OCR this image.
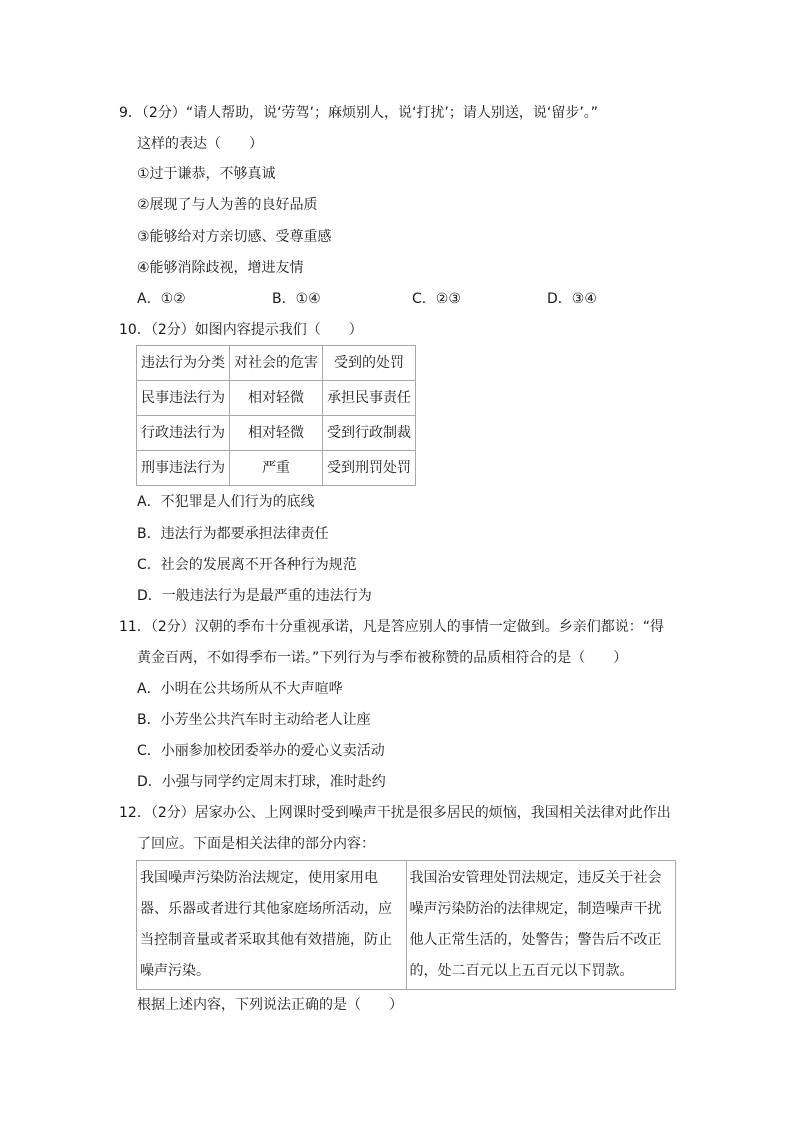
9．（2分）“请人帮助，说‘劳驾’；麻烦别人，说‘打扰’；请人别送，说‘留步’。”
这样的表达（　　）
①过于谦恭，不够真诚
②展现了与人为善的良好品质
③能够给对方亲切感、受尊重感
④能够消除歧视，增进友情
A．①②	B．①④	C．②③	D．③④
10．（2分）如图内容提示我们（　　）
违法行为分类	对社会的危害	受到的处罚
民事违法行为	相对轻微	承担民事责任
行政违法行为	相对轻微	受到行政制裁
刑事违法行为	严重	受到刑罚处罚
A．不犯罪是人们行为的底线
B．违法行为都要承担法律责任
C．社会的发展离不开各种行为规范
D．一般违法行为是最严重的违法行为
11．（2分）汉朝的季布十分重视承诺，凡是答应别人的事情一定做到。乡亲们都说：“得
黄金百两，不如得季布一诺。”下列行为与季布被称赞的品质相符合的是（　　）
A．小明在公共场所从不大声喧哗
B．小芳坐公共汽车时主动给老人让座
C．小丽参加校团委举办的爱心义卖活动
D．小强与同学约定周末打球，准时赴约
12．（2分）居家办公、上网课时受到噪声干扰是很多居民的烦恼，我国相关法律对此作出
了回应。下面是相关法律的部分内容：
我国噪声污染防治法规定，使用家用电器、乐器或者进行其他家庭场所活动，应当控制音量或者采取其他有效措施，防止噪声污染。	我国治安管理处罚法规定，违反关于社会噪声污染防治的法律规定，制造噪声干扰他人正常生活的，处警告；警告后不改正的，处二百元以上五百元以下罚款。
根据上述内容，下列说法正确的是（　　）
